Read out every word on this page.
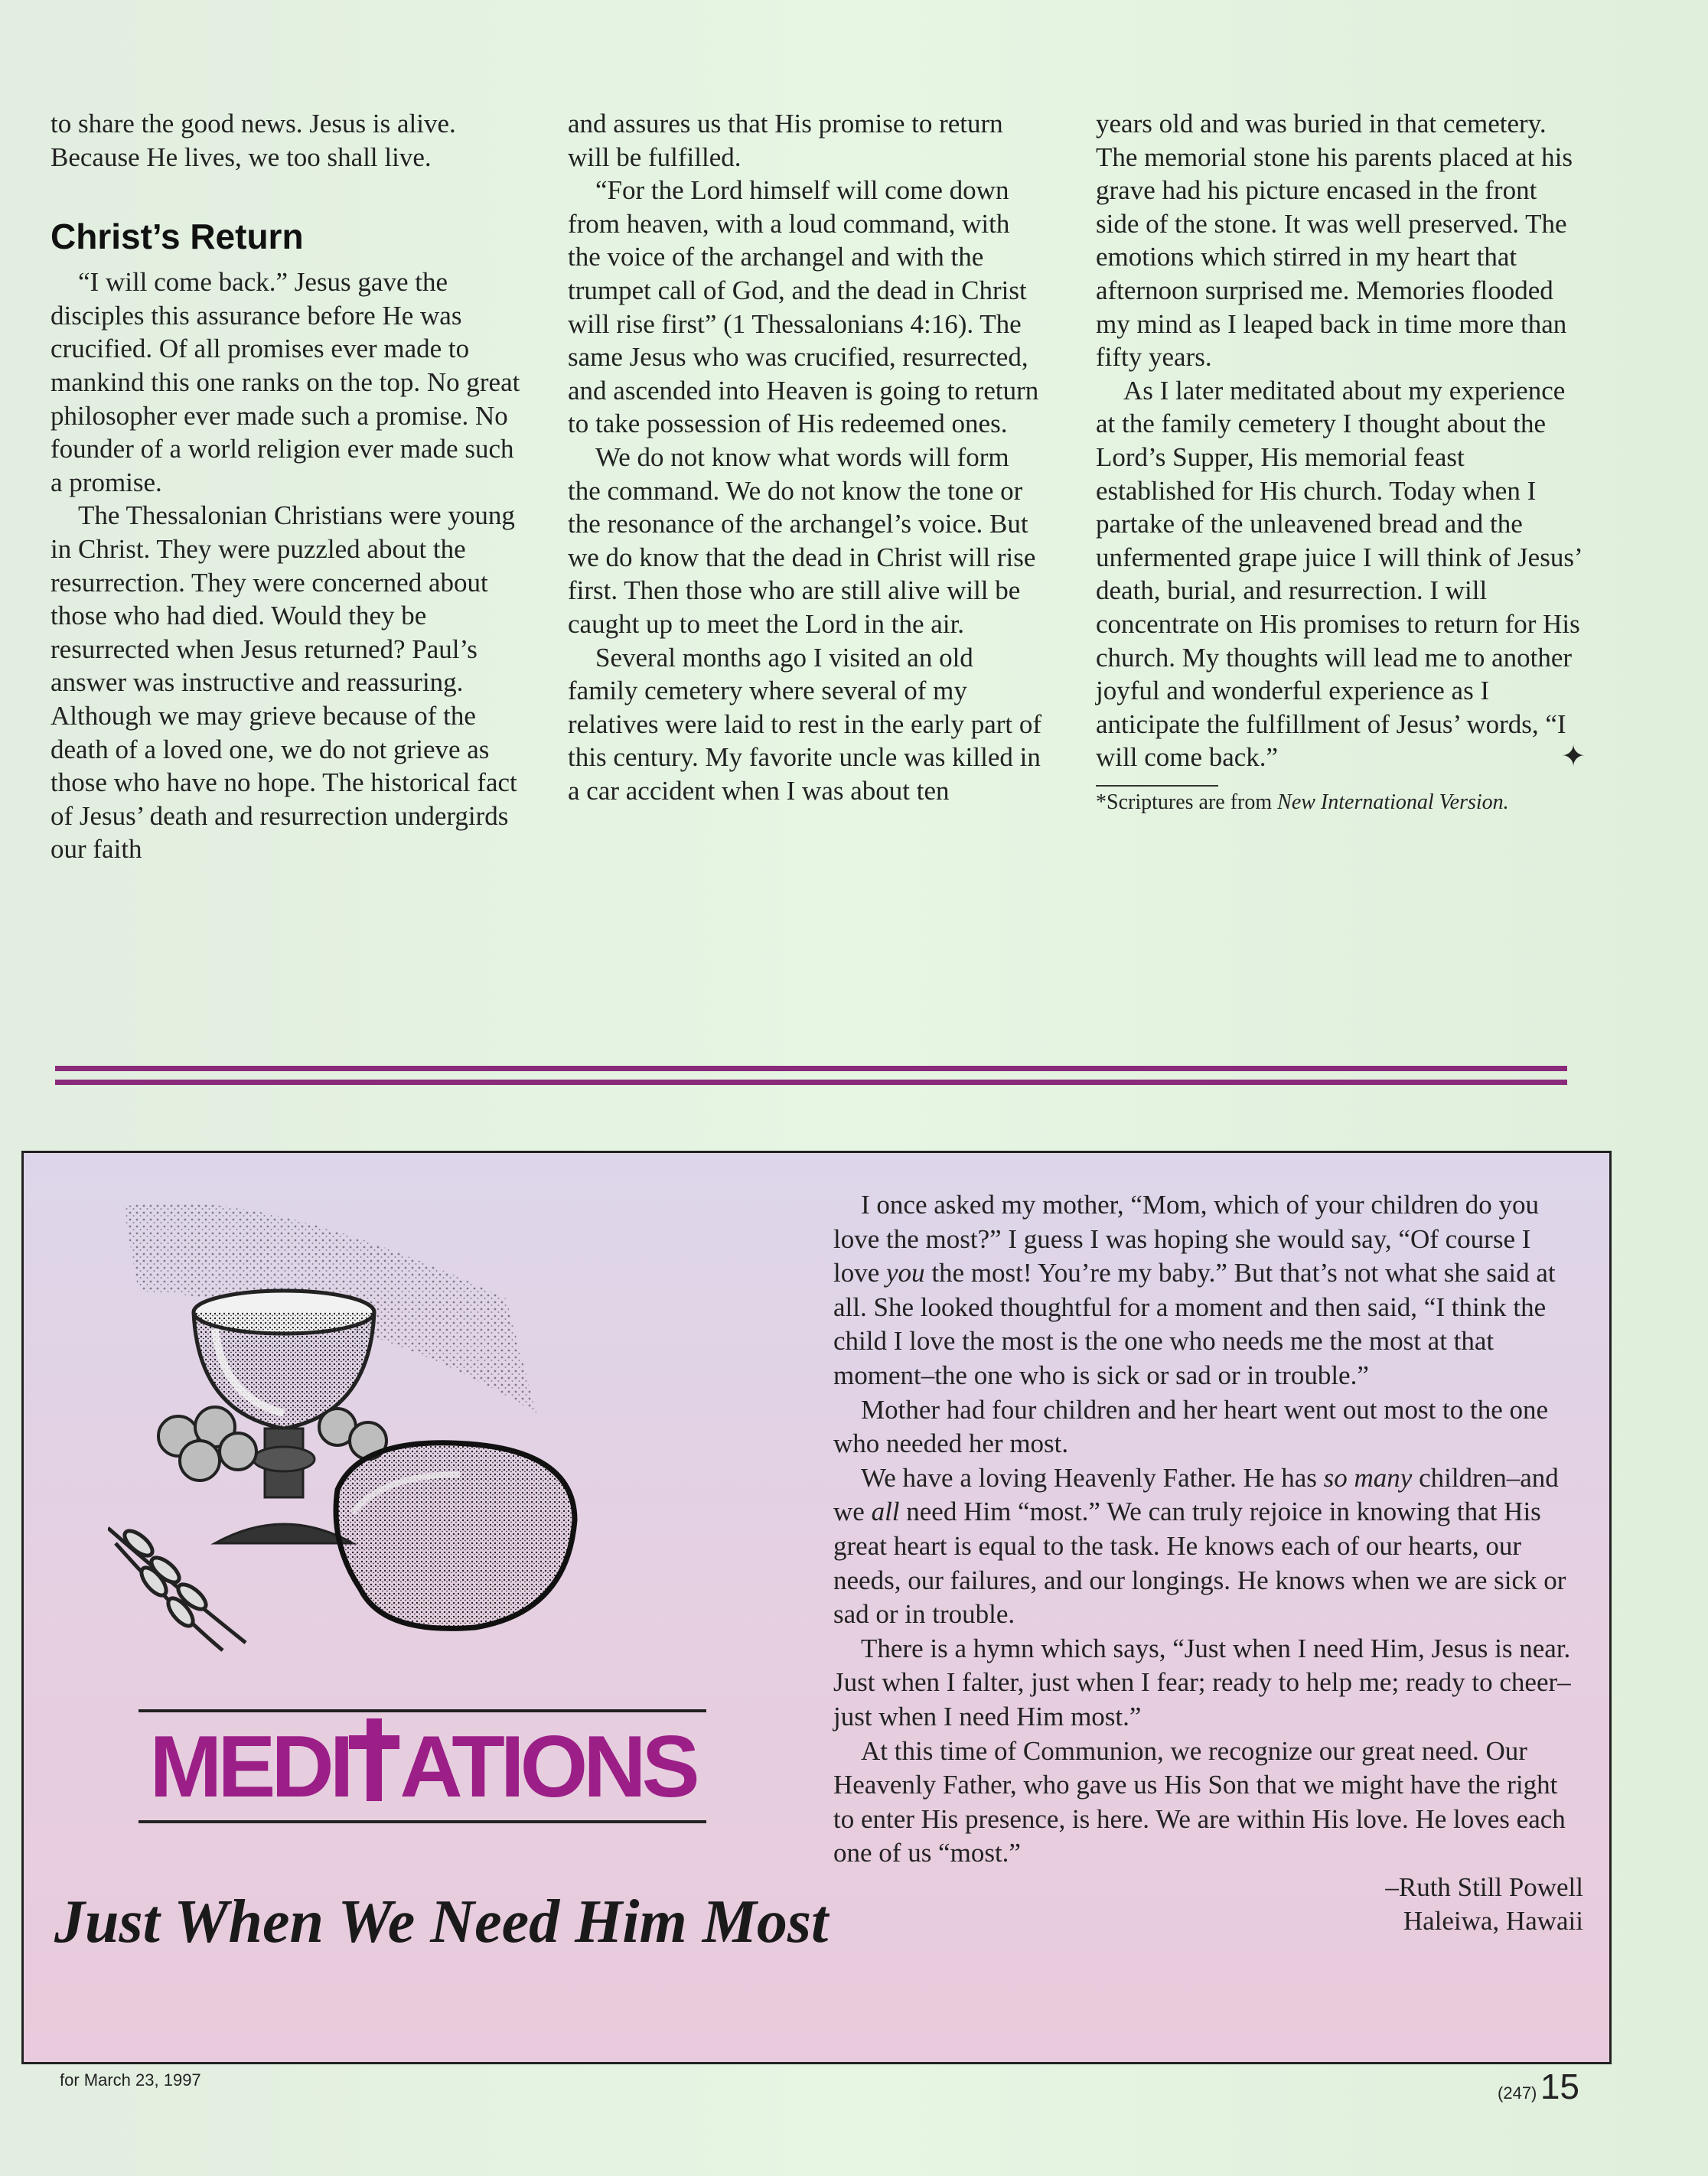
to share the good news. Jesus is alive. Because He lives, we too shall live.

Christ’s Return

“I will come back.” Jesus gave the disciples this assurance before He was crucified. Of all promises ever made to mankind this one ranks on the top. No great philosopher ever made such a promise. No founder of a world religion ever made such a promise.

The Thessalonian Christians were young in Christ. They were puzzled about the resurrection. They were concerned about those who had died. Would they be resurrected when Jesus returned? Paul’s answer was instructive and reassuring. Although we may grieve because of the death of a loved one, we do not grieve as those who have no hope. The historical fact of Jesus’ death and resurrection undergirds our faith

and assures us that His promise to return will be fulfilled.

“For the Lord himself will come down from heaven, with a loud command, with the voice of the archangel and with the trumpet call of God, and the dead in Christ will rise first” (1 Thessalonians 4:16). The same Jesus who was crucified, resurrected, and ascended into Heaven is going to return to take possession of His redeemed ones.

We do not know what words will form the command. We do not know the tone or the resonance of the archangel’s voice. But we do know that the dead in Christ will rise first. Then those who are still alive will be caught up to meet the Lord in the air.

Several months ago I visited an old family cemetery where several of my relatives were laid to rest in the early part of this century. My favorite uncle was killed in a car accident when I was about ten

years old and was buried in that cemetery. The memorial stone his parents placed at his grave had his picture encased in the front side of the stone. It was well preserved. The emotions which stirred in my heart that afternoon surprised me. Memories flooded my mind as I leaped back in time more than fifty years.

As I later meditated about my experience at the family cemetery I thought about the Lord’s Supper, His memorial feast established for His church. Today when I partake of the unleavened bread and the unfermented grape juice I will think of Jesus’ death, burial, and resurrection. I will concentrate on His promises to return for His church. My thoughts will lead me to another joyful and wonderful experience as I anticipate the fulfillment of Jesus’ words, “I will come back.”	✦
*Scriptures are from New International Version.
MEDI ATIONS
Just When We Need Him Most

I once asked my mother, “Mom, which of your children do you love the most?” I guess I was hoping she would say, “Of course I love you the most! You’re my baby.” But that’s not what she said at all. She looked thoughtful for a moment and then said, “I think the child I love the most is the one who needs me the most at that moment–the one who is sick or sad or in trouble.”

Mother had four children and her heart went out most to the one who needed her most.

We have a loving Heavenly Father. He has so many children–and we all need Him “most.” We can truly rejoice in knowing that His great heart is equal to the task. He knows each of our hearts, our needs, our failures, and our longings. He knows when we are sick or sad or in trouble.

There is a hymn which says, “Just when I need Him, Jesus is near. Just when I falter, just when I fear; ready to help me; ready to cheer–just when I need Him most.”

At this time of Communion, we recognize our great need. Our Heavenly Father, who gave us His Son that we might have the right to enter His presence, is here. We are within His love. He loves each one of us “most.”

–Ruth Still Powell
Haleiwa, Hawaii
for March 23, 1997
(247) 15
